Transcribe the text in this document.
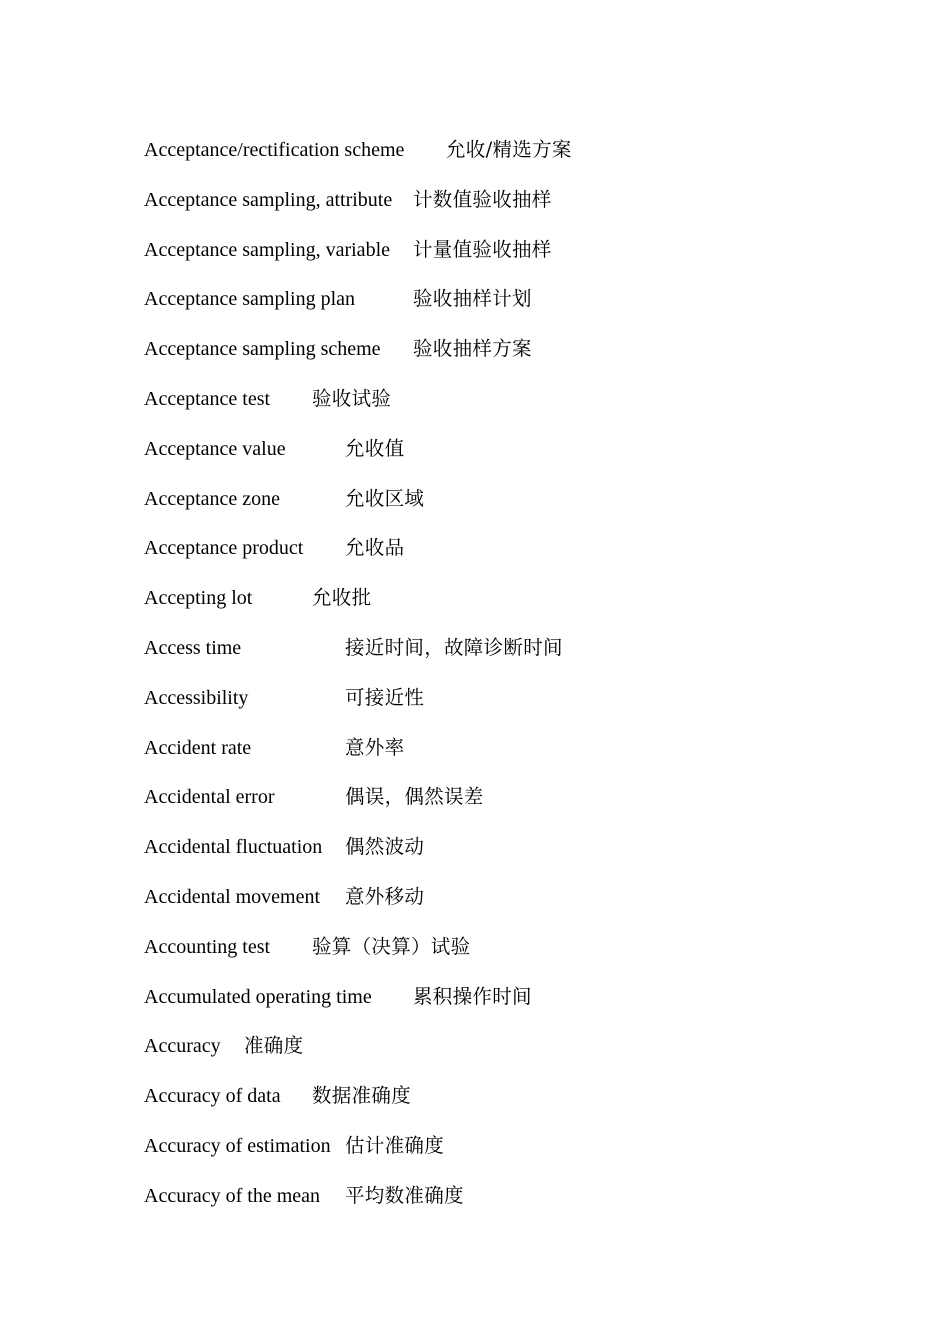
Acceptance/rectification scheme 允收/精选方案
Acceptance sampling, attribute 计数值验收抽样
Acceptance sampling, variable 计量值验收抽样
Acceptance sampling plan	验收抽样计划
Acceptance sampling scheme 验收抽样方案
Acceptance test 验收试验
Acceptance value	允收值
Acceptance zone	允收区域
Acceptance product 允收品
Accepting lot	允收批
Access time	接近时间，故障诊断时间
Accessibility	可接近性
Accident rate	意外率
Accidental error	偶误，偶然误差
Accidental fluctuation 偶然波动
Accidental movement 意外移动
Accounting test 验算（决算）试验
Accumulated operating time 累积操作时间
Accuracy 准确度
Accuracy of data 数据准确度
Accuracy of estimation 估计准确度
Accuracy of the mean 平均数准确度
